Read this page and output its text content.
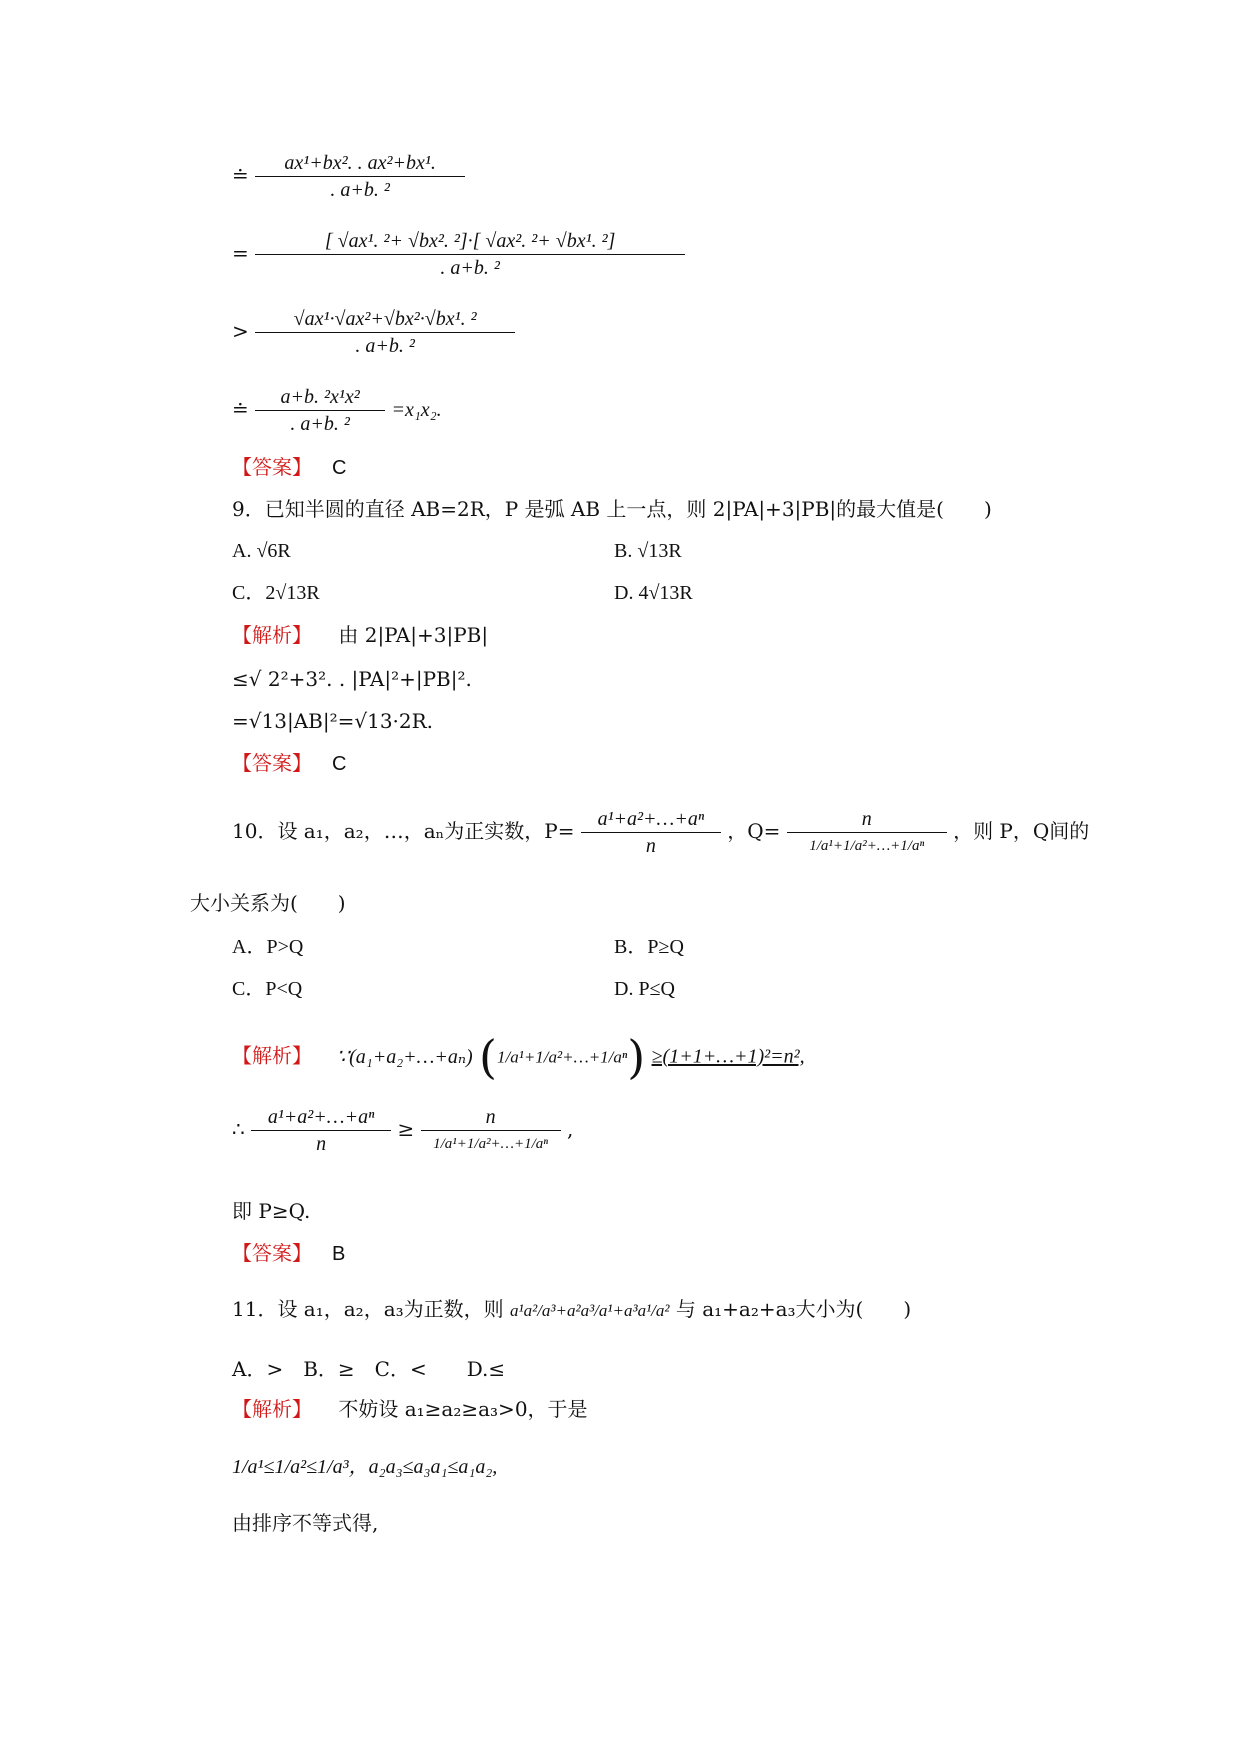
≐ $\frac{\text{ax¹+bx². . ax²+bx¹.}}{\text{. a+b. ²}}$
= $\frac{\text{[ √ax¹. ²+ √bx². ²]·[ √ax². ²+ √bx¹. ²]}}{\text{. a+b. ²}}$
> $\frac{\text{√ax¹·√ax²+√bx²·√bx¹. ²}}{\text{. a+b. ²}}$
≐ $\frac{\text{a+b. ²x¹x²}}{\text{. a+b. ²}} =x_1x_2$.
【答案】 C
9．已知半圆的直径 AB=2R，P 是弧 AB 上一点，则 2|PA|+3|PB|的最大值是(　　)
A. √6R	B. √13R
C．2√13R	D. 4√13R
【解析】 由 2|PA|+3|PB|
≤√ 2²+3². . |PA|²+|PB|².
=√13|AB|²=√13·2R.
【答案】 C
10．设 a₁，a₂，…，aₙ为正实数，$P= \frac{\text{a¹+a²+…+aⁿ}}{n}$ ，$Q= \frac{n}{\text{1/a¹+1/a²+…+1/aⁿ}}$ ，则 P，Q间的
大小关系为(　　)
A．P>Q	B．P≥Q
C．P<Q	D. P≤Q
【解析】 ∵(a₁+a₂+…+aₙ) (1/a¹+1/a²+…+1/aⁿ) ≥(1+1+…+1)²=n²,
∴ $\frac{\text{a¹+a²+…+aⁿ}}{n} \ge \frac{n}{\text{1/a¹+1/a²+…+1/aⁿ}}$ ,
即 P≥Q.
【答案】 B
11．设 a₁，a₂，a₃为正数，则 a¹a²/a³+a²a³/a¹+a³a¹/a² 与 a₁+a₂+a₃大小为(　　)
A．>　B．≥　C．<　　D.≤
【解析】 不妨设 a₁≥a₂≥a₃>0，于是
1/a¹≤1/a²≤1/a³，a₂a₃≤a₃a₁≤a₁a₂,
由排序不等式得,
